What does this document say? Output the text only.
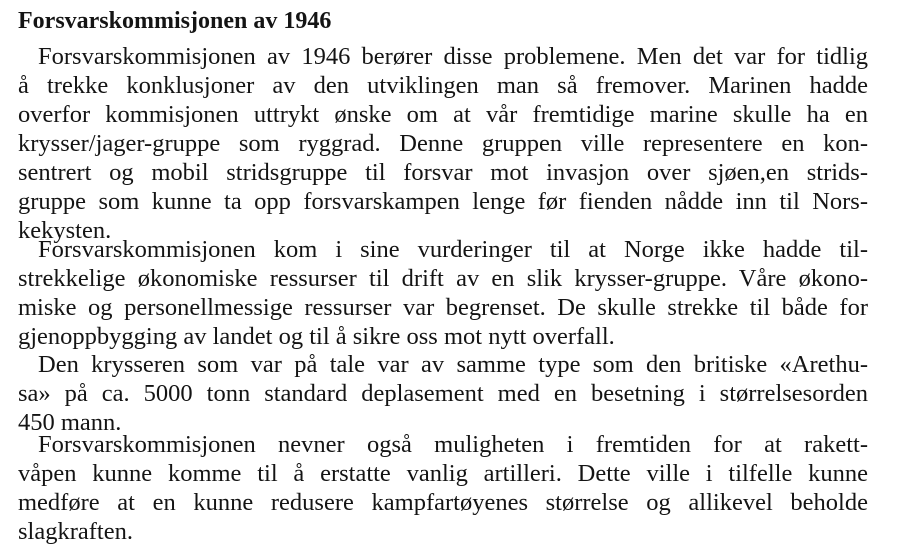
Forsvarskommisjonen av 1946
Forsvarskommisjonen av 1946 berører disse problemene. Men det var for tidlig
å trekke konklusjoner av den utviklingen man så fremover. Marinen hadde
overfor kommisjonen uttrykt ønske om at vår fremtidige marine skulle ha en
krysser/jager-gruppe som ryggrad. Denne gruppen ville representere en kon-
sentrert og mobil stridsgruppe til forsvar mot invasjon over sjøen,en strids-
gruppe som kunne ta opp forsvarskampen lenge før fienden nådde inn til Nors-
kekysten.
Forsvarskommisjonen kom i sine vurderinger til at Norge ikke hadde til-
strekkelige økonomiske ressurser til drift av en slik krysser-gruppe. Våre økono-
miske og personellmessige ressurser var begrenset. De skulle strekke til både for
gjenoppbygging av landet og til å sikre oss mot nytt overfall.
Den krysseren som var på tale var av samme type som den britiske «Arethu-
sa» på ca. 5000 tonn standard deplasement med en besetning i størrelsesorden
450 mann.
Forsvarskommisjonen nevner også muligheten i fremtiden for at rakett-
våpen kunne komme til å erstatte vanlig artilleri. Dette ville i tilfelle kunne
medføre at en kunne redusere kampfartøyenes størrelse og allikevel beholde
slagkraften.
